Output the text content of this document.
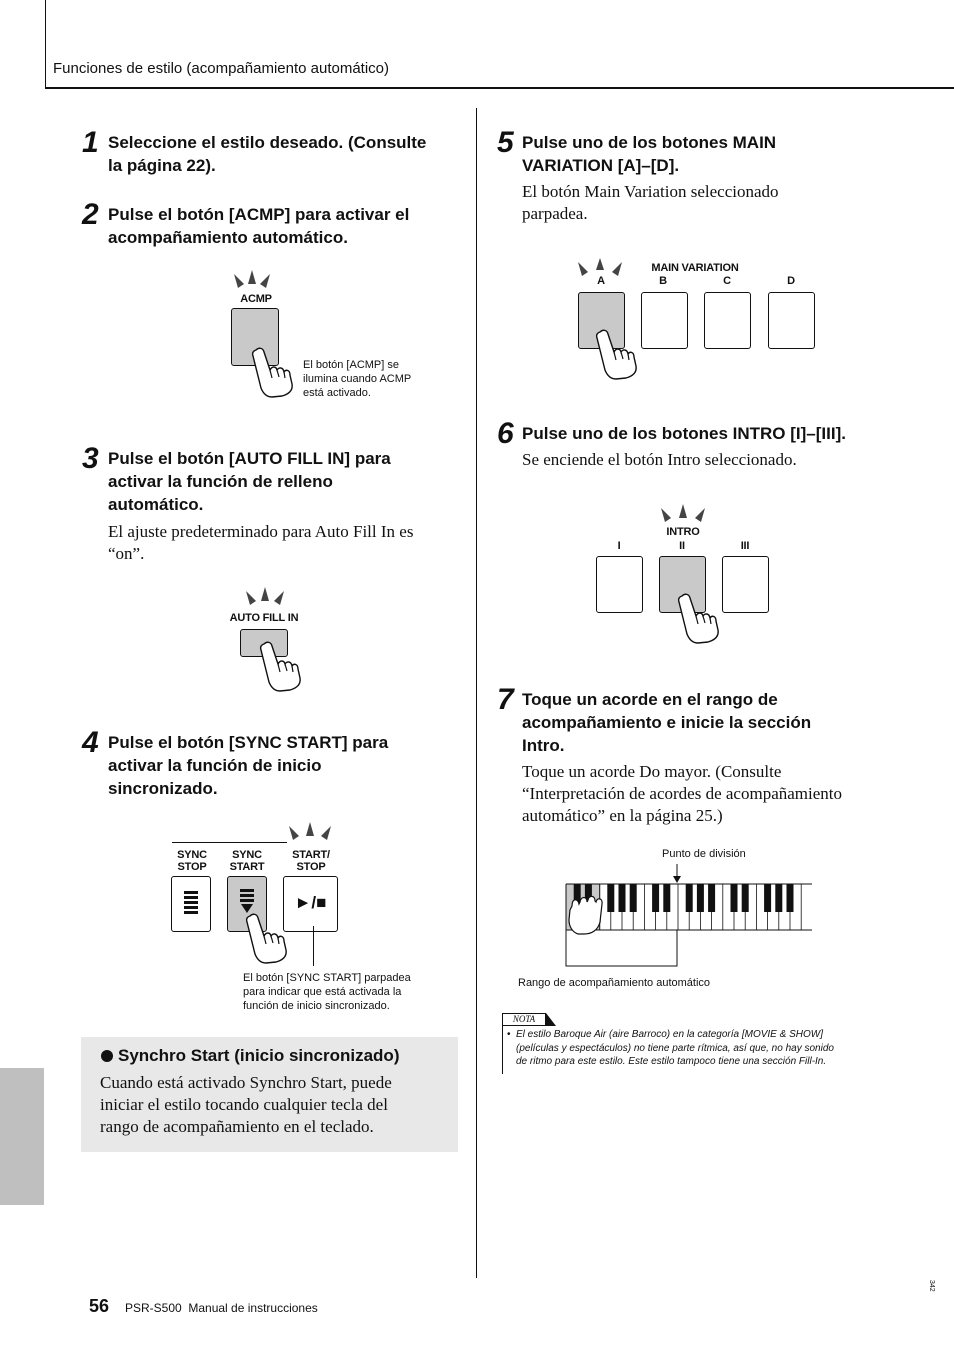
Funciones de estilo (acompañamiento automático)
1 Seleccione el estilo deseado. (Consulte
la página 22).
2 Pulse el botón [ACMP] para activar el
acompañamiento automático.
ACMP
El botón [ACMP] se
ilumina cuando ACMP
está activado.
3 Pulse el botón [AUTO FILL IN] para
activar la función de relleno
automático.
El ajuste predeterminado para Auto Fill In es
“on”.
AUTO FILL IN
4 Pulse el botón [SYNC START] para
activar la función de inicio
sincronizado.
SYNC
STOP
SYNC
START
START/
STOP
►/■
El botón [SYNC START] parpadea
para indicar que está activada la
función de inicio sincronizado.
Synchro Start (inicio sincronizado)
Cuando está activado Synchro Start, puede
iniciar el estilo tocando cualquier tecla del
rango de acompañamiento en el teclado.
5 Pulse uno de los botones MAIN
VARIATION [A]–[D].
El botón Main Variation seleccionado
parpadea.
MAIN VARIATION
A	B	C	D
6 Pulse uno de los botones INTRO [I]–[III].
Se enciende el botón Intro seleccionado.
INTRO
I	II	III
7 Toque un acorde en el rango de
acompañamiento e inicie la sección
Intro.
Toque un acorde Do mayor. (Consulte
“Interpretación de acordes de acompañamiento
automático” en la página 25.)
Punto de división
Rango de acompañamiento automático
NOTA
• El estilo Baroque Air (aire Barroco) en la categoría [MOVIE & SHOW]
(películas y espectáculos) no tiene parte rítmica, así que, no hay sonido
de ritmo para este estilo. Este estilo tampoco tiene una sección Fill-In.
56 PSR-S500  Manual de instrucciones
342
